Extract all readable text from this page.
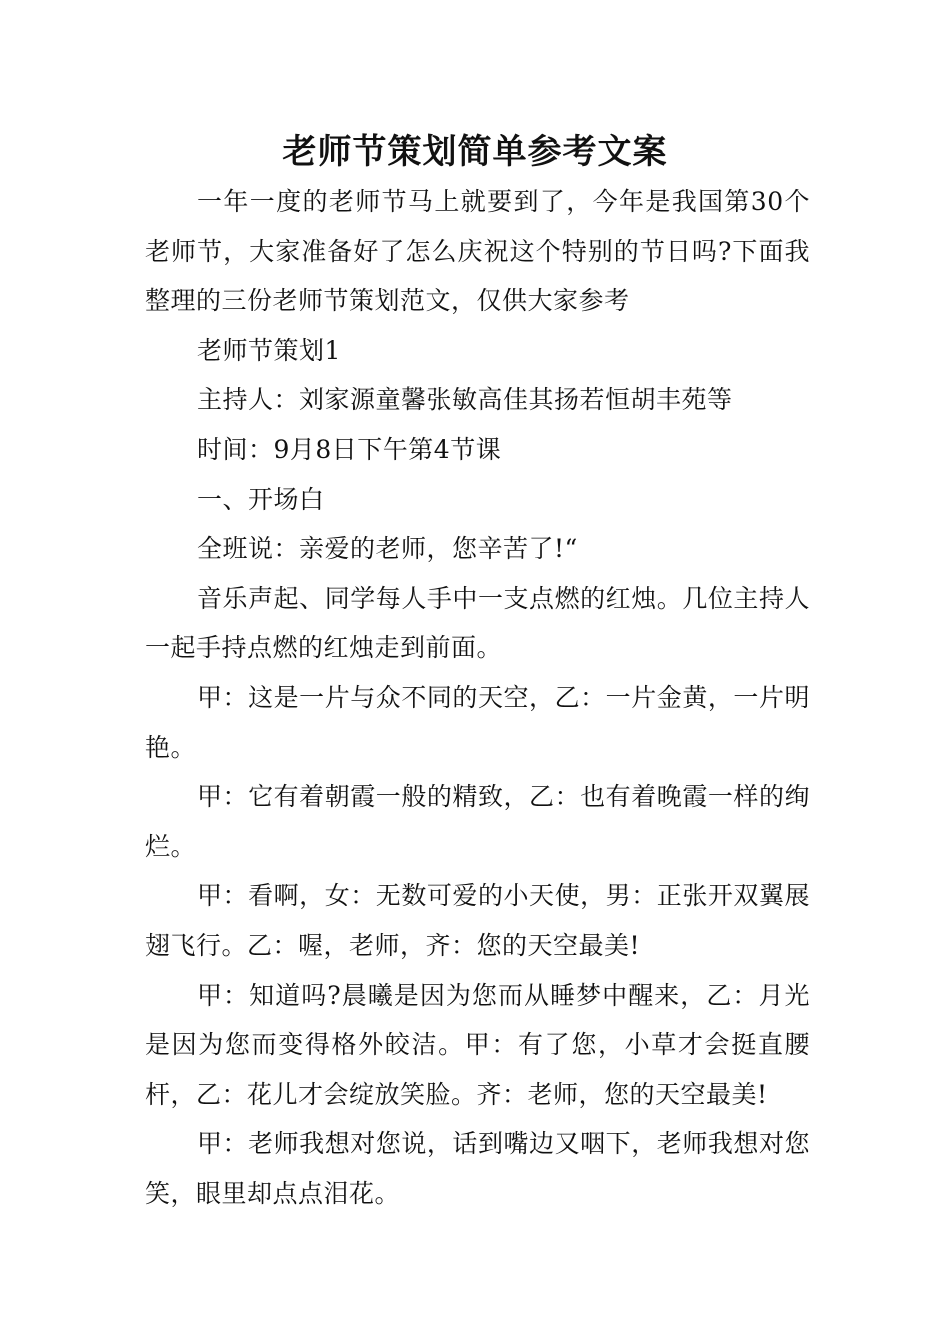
老师节策划简单参考文案

一年一度的老师节马上就要到了，今年是我国第30个老师节，大家准备好了怎么庆祝这个特别的节日吗?下面我整理的三份老师节策划范文，仅供大家参考

老师节策划1

主持人：刘家源童馨张敏高佳其扬若恒胡丰苑等

时间：9月8日下午第4节课

一、开场白

全班说：亲爱的老师，您辛苦了!“

音乐声起、同学每人手中一支点燃的红烛。几位主持人一起手持点燃的红烛走到前面。

甲：这是一片与众不同的天空，乙：一片金黄，一片明艳。

甲：它有着朝霞一般的精致，乙：也有着晚霞一样的绚烂。

甲：看啊，女：无数可爱的小天使，男：正张开双翼展翅飞行。乙：喔，老师，齐：您的天空最美!

甲：知道吗?晨曦是因为您而从睡梦中醒来，乙：月光是因为您而变得格外皎洁。甲：有了您，小草才会挺直腰杆，乙：花儿才会绽放笑脸。齐：老师，您的天空最美!

甲：老师我想对您说，话到嘴边又咽下，老师我想对您笑，眼里却点点泪花。
